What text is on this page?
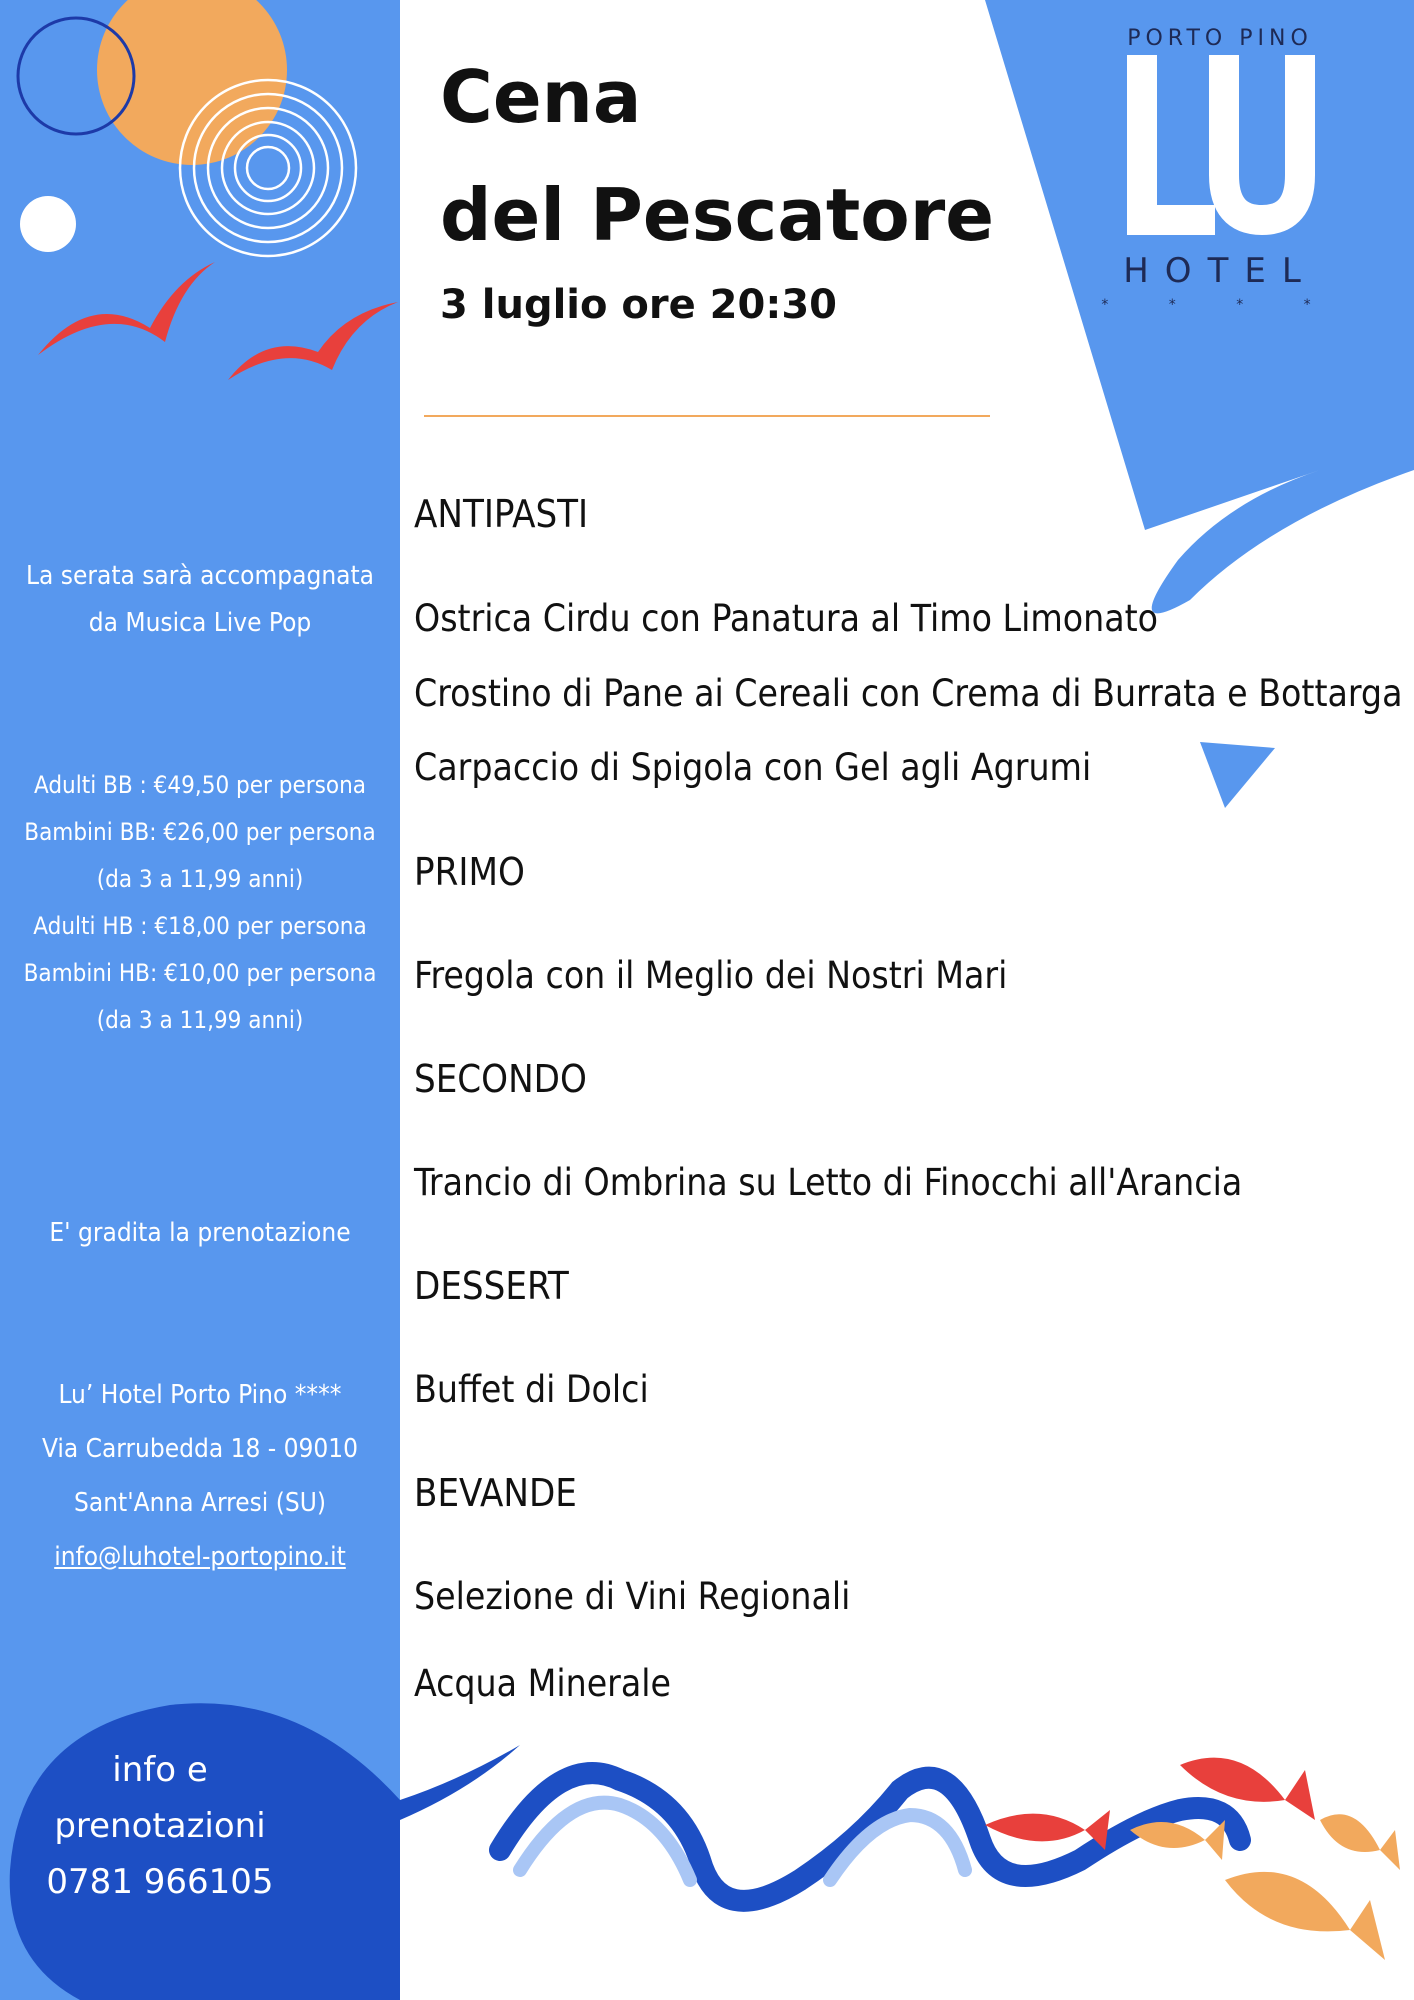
PORTO PINO
HOTEL
* * * *
Cena
del Pescatore
3 luglio ore 20:30
La serata sarà accompagnata
da Musica Live Pop
Adulti BB : €49,50 per persona
Bambini BB: €26,00 per persona
(da 3 a 11,99 anni)
Adulti HB : €18,00 per persona
Bambini HB: €10,00 per persona
(da 3 a 11,99 anni)
E' gradita la prenotazione
Lu’ Hotel Porto Pino ****
Via Carrubedda 18 - 09010
Sant'Anna Arresi (SU)
info@luhotel-portopino.it
info e
prenotazioni
0781 966105
ANTIPASTI
Ostrica Cirdu con Panatura al Timo Limonato
Crostino di Pane ai Cereali con Crema di Burrata e Bottarga
Carpaccio di Spigola con Gel agli Agrumi
PRIMO
Fregola con il Meglio dei Nostri Mari
SECONDO
Trancio di Ombrina su Letto di Finocchi all'Arancia
DESSERT
Buffet di Dolci
BEVANDE
Selezione di Vini Regionali
Acqua Minerale
